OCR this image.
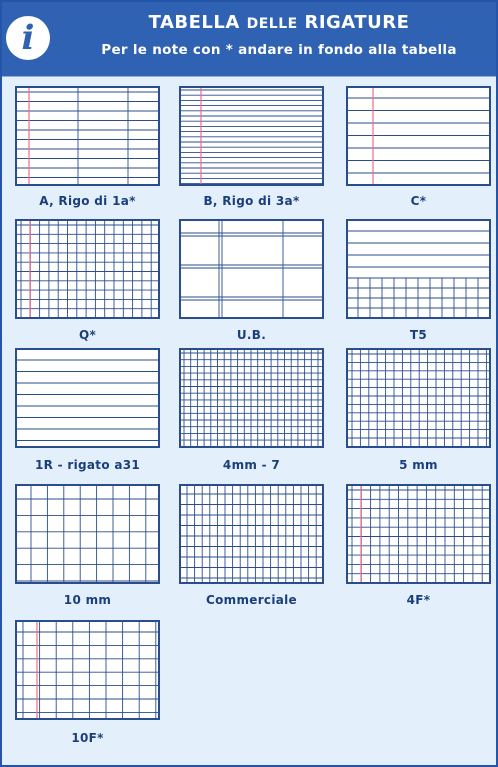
i	TABELLA DELLE RIGATURE
Per le note con * andare in fondo alla tabella
A, Rigo di 1a*	B, Rigo di 3a*	C*
Q*	U.B.	T5
1R - rigato a31	4mm - 7	5 mm
10 mm	Commerciale	4F*
10F*
